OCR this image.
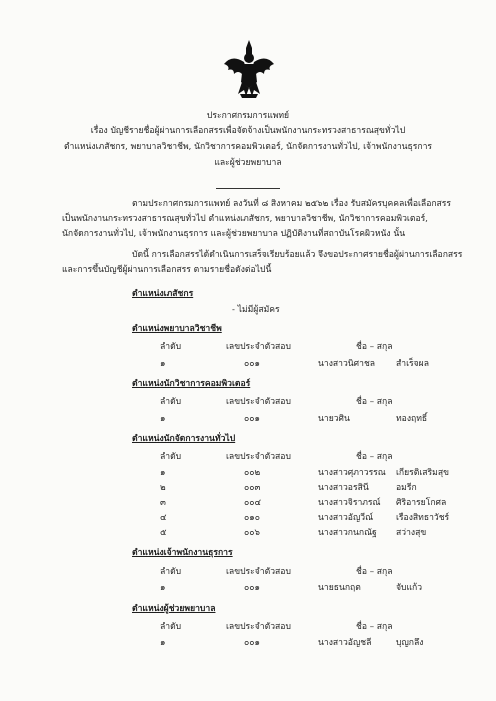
ประกาศกรมการแพทย์
เรื่อง บัญชีรายชื่อผู้ผ่านการเลือกสรรเพื่อจัดจ้างเป็นพนักงานกระทรวงสาธารณสุขทั่วไป
ตำแหน่งเภสัชกร, พยาบาลวิชาชีพ, นักวิชาการคอมพิวเตอร์, นักจัดการงานทั่วไป, เจ้าพนักงานธุรการ
และผู้ช่วยพยาบาล
ตามประกาศกรมการแพทย์ ลงวันที่ ๘ สิงหาคม ๒๕๖๒ เรื่อง รับสมัครบุคคลเพื่อเลือกสรร
เป็นพนักงานกระทรวงสาธารณสุขทั่วไป ตำแหน่งเภสัชกร, พยาบาลวิชาชีพ, นักวิชาการคอมพิวเตอร์,
นักจัดการงานทั่วไป, เจ้าพนักงานธุรการ และผู้ช่วยพยาบาล ปฏิบัติงานที่สถาบันโรคผิวหนัง นั้น
บัดนี้ การเลือกสรรได้ดำเนินการเสร็จเรียบร้อยแล้ว จึงขอประกาศรายชื่อผู้ผ่านการเลือกสรร
และการขึ้นบัญชีผู้ผ่านการเลือกสรร ตามรายชื่อดังต่อไปนี้
ตำแหน่งเภสัชกร
- ไม่มีผู้สมัคร
ตำแหน่งพยาบาลวิชาชีพ
ลำดับ	เลขประจำตัวสอบ	ชื่อ – สกุล
๑	๐๐๑	นางสาวนิศาชล สำเร็จผล
ตำแหน่งนักวิชาการคอมพิวเตอร์
ลำดับ	เลขประจำตัวสอบ	ชื่อ – สกุล
๑	๐๐๑	นายวศิน	ทองฤทธิ์
ตำแหน่งนักจัดการงานทั่วไป
ลำดับ	เลขประจำตัวสอบ	ชื่อ – สกุล
๑	๐๐๒	นางสาวศุภาวรรณ เกียรติเสริมสุข
๒	๐๐๓	นางสาวอรสินี	อมรีก
๓	๐๐๔	นางสาวจิราภรณ์ ศิริอารยโกศล
๔	๐๑๐	นางสาวอัญวีณ์	เรืองสิทธาวัชร์
๕	๐๐๖	นางสาวกนกณัฐ สว่างสุข
ตำแหน่งเจ้าพนักงานธุรการ
ลำดับ	เลขประจำตัวสอบ	ชื่อ – สกุล
๑	๐๐๑	นายธนกฤต	จับแก้ว
ตำแหน่งผู้ช่วยพยาบาล
ลำดับ	เลขประจำตัวสอบ	ชื่อ – สกุล
๑	๐๐๑	นางสาวอัญชลี	บุญกลึง
